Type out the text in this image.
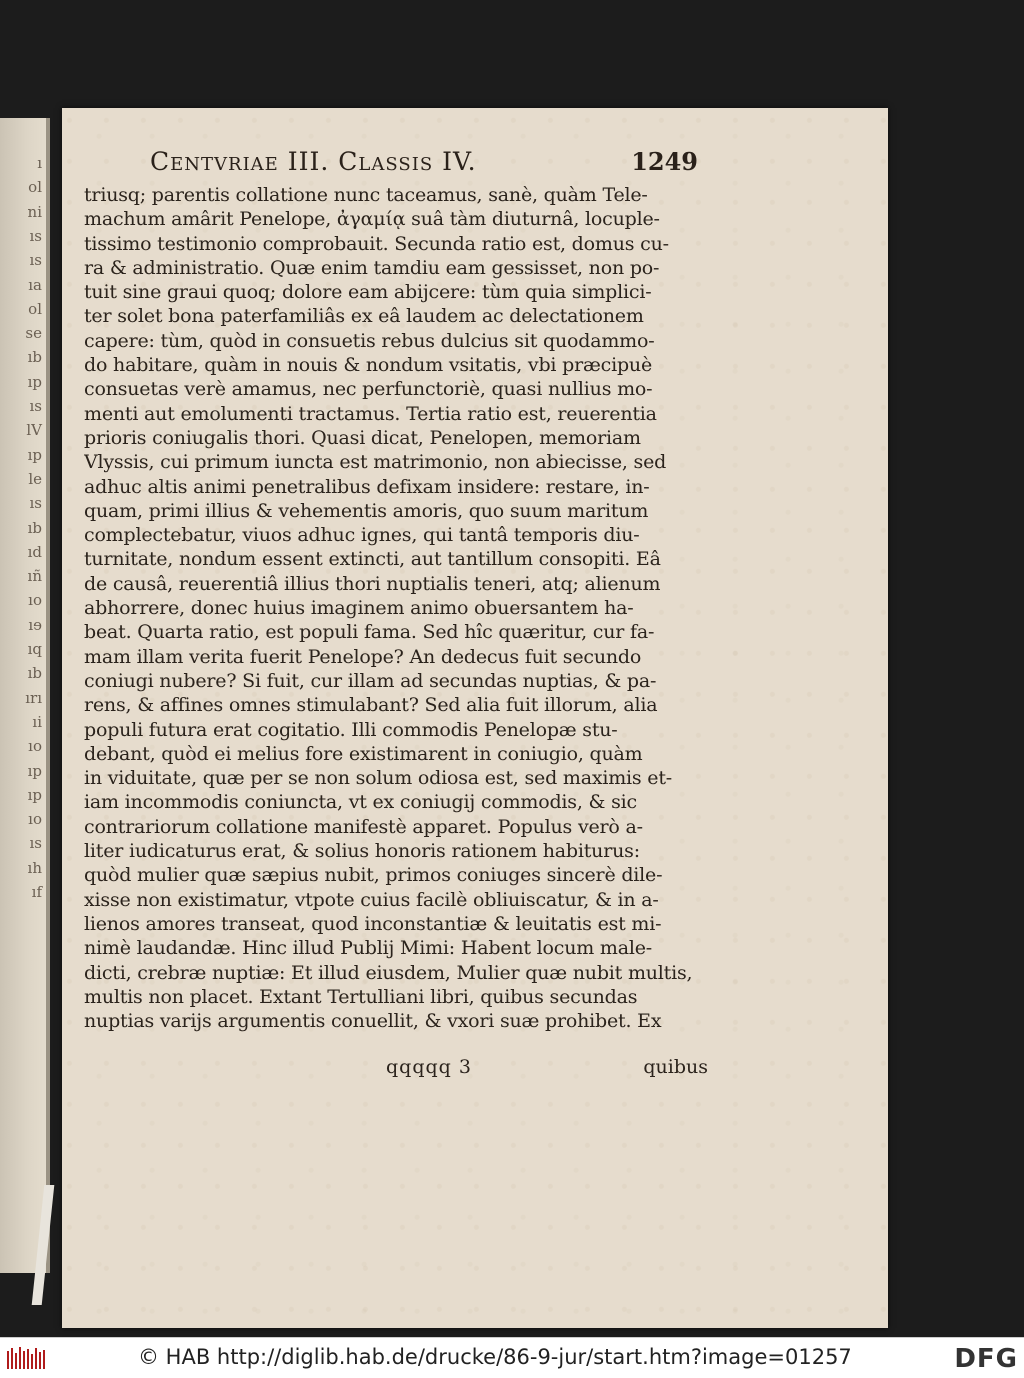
ı
ol
ni
ıs
ıs
ıa
ol
se
ıb
ıp
ıs
lV
ıp
le
ıs
ıb
ıd
ıñ
ıo
ıɘ
ıq
ıb
ırı
ıi
ıo
ıp
ıp
ıo
ıs
ıh
ıf
Centvriae III. Classis IV.	1249
triusq; parentis collatione nunc taceamus, sanè, quàm Tele-
machum amârit Penelope, ἀγαμίᾳ suâ tàm diuturnâ, locuple-
tissimo testimonio comprobauit. Secunda ratio est, domus cu-
ra & administratio. Quæ enim tamdiu eam gessisset, non po-
tuit sine graui quoq; dolore eam abijcere: tùm quia simplici-
ter solet bona paterfamiliâs ex eâ laudem ac delectationem
capere: tùm, quòd in consuetis rebus dulcius sit quodammo-
do habitare, quàm in nouis & nondum vsitatis, vbi præcipuè
consuetas verè amamus, nec perfunctoriè, quasi nullius mo-
menti aut emolumenti tractamus. Tertia ratio est, reuerentia
prioris coniugalis thori. Quasi dicat, Penelopen, memoriam
Vlyssis, cui primum iuncta est matrimonio, non abiecisse, sed
adhuc altis animi penetralibus defixam insidere: restare, in-
quam, primi illius & vehementis amoris, quo suum maritum
complectebatur, viuos adhuc ignes, qui tantâ temporis diu-
turnitate, nondum essent extincti, aut tantillum consopiti. Eâ
de causâ, reuerentiâ illius thori nuptialis teneri, atq; alienum
abhorrere, donec huius imaginem animo obuersantem ha-
beat. Quarta ratio, est populi fama. Sed hîc quæritur, cur fa-
mam illam verita fuerit Penelope? An dedecus fuit secundo
coniugi nubere? Si fuit, cur illam ad secundas nuptias, & pa-
rens, & affines omnes stimulabant? Sed alia fuit illorum, alia
populi futura erat cogitatio. Illi commodis Penelopæ stu-
debant, quòd ei melius fore existimarent in coniugio, quàm
in viduitate, quæ per se non solum odiosa est, sed maximis et-
iam incommodis coniuncta, vt ex coniugij commodis, & sic
contrariorum collatione manifestè apparet. Populus verò a-
liter iudicaturus erat, & solius honoris rationem habiturus:
quòd mulier quæ sæpius nubit, primos coniuges sincerè dile-
xisse non existimatur, vtpote cuius facilè obliuiscatur, & in a-
lienos amores transeat, quod inconstantiæ & leuitatis est mi-
nimè laudandæ. Hinc illud Publij Mimi: Habent locum male-
dicti, crebræ nuptiæ: Et illud eiusdem, Mulier quæ nubit multis,
multis non placet. Extant Tertulliani libri, quibus secundas
nuptias varijs argumentis conuellit, & vxori suæ prohibet. Ex
qqqqq 3	quibus
© HAB http://diglib.hab.de/drucke/86-9-jur/start.htm?image=01257	DFG
